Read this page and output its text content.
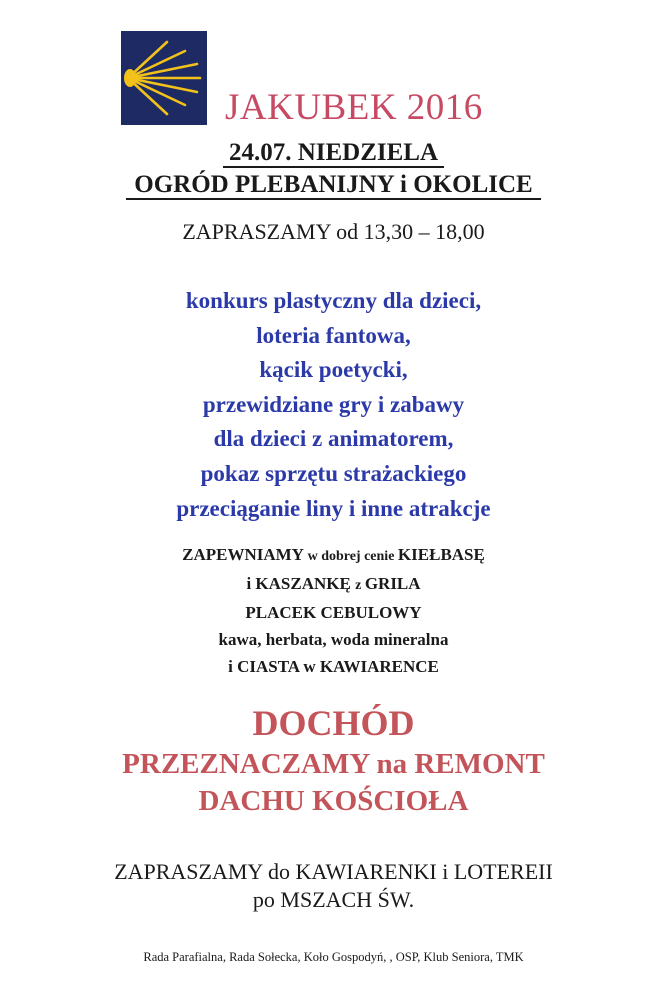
JAKUBEK 2016
24.07. NIEDZIELA
OGRÓD PLEBANIJNY i OKOLICE
ZAPRASZAMY od 13,30 – 18,00
konkurs plastyczny dla dzieci,
loteria fantowa,
kącik poetycki,
przewidziane gry i zabawy
dla dzieci z animatorem,
pokaz sprzętu strażackiego
przeciąganie liny i inne atrakcje
ZAPEWNIAMY w dobrej cenie KIEŁBASĘ
i KASZANKĘ z GRILA
PLACEK CEBULOWY
kawa, herbata, woda mineralna
i CIASTA w KAWIARENCE
DOCHÓD
PRZEZNACZAMY na REMONT
DACHU KOŚCIOŁA
ZAPRASZAMY do KAWIARENKI i LOTEREII
po MSZACH ŚW.
Rada Parafialna, Rada Sołecka, Koło Gospodyń, , OSP, Klub Seniora, TMK
